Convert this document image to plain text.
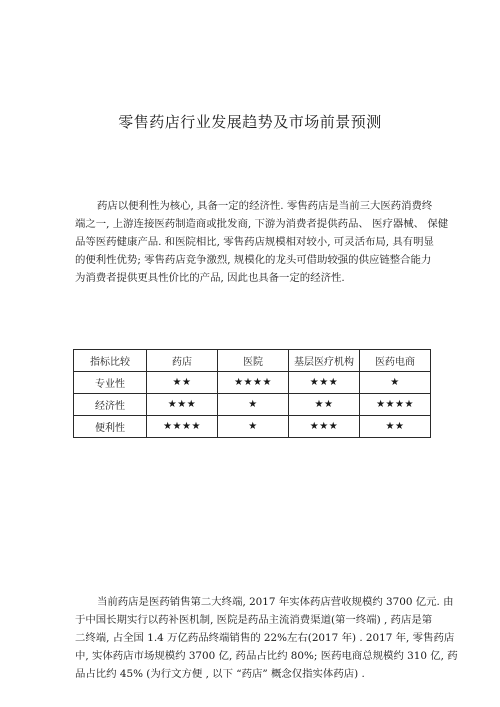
零售药店行业发展趋势及市场前景预测

药店以便利性为核心, 具备一定的经济性. 零售药店是当前三大医药消费终
端之一, 上游连接医药制造商或批发商, 下游为消费者提供药品、 医疗器械、 保健
品等医药健康产品. 和医院相比, 零售药店规模相对较小, 可灵活布局, 具有明显
的便利性优势; 零售药店竞争激烈, 规模化的龙头可借助较强的供应链整合能力
为消费者提供更具性价比的产品, 因此也具备一定的经济性.

指标比较	药店	医院	基层医疗机构	医药电商
专业性	★★	★★★★	★★★	★
经济性	★★★	★	★★	★★★★
便利性	★★★★	★	★★★	★★

当前药店是医药销售第二大终端, 2017 年实体药店营收规模约 3700 亿元. 由
于中国长期实行以药补医机制, 医院是药品主流消费渠道(第一终端) , 药店是第
二终端, 占全国 1.4 万亿药品终端销售的 22%左右(2017 年) . 2017 年, 零售药店
中, 实体药店市场规模约 3700 亿, 药品占比约 80%; 医药电商总规模约 310 亿, 药
品占比约 45% (为行文方便 , 以下 “药店” 概念仅指实体药店) .
